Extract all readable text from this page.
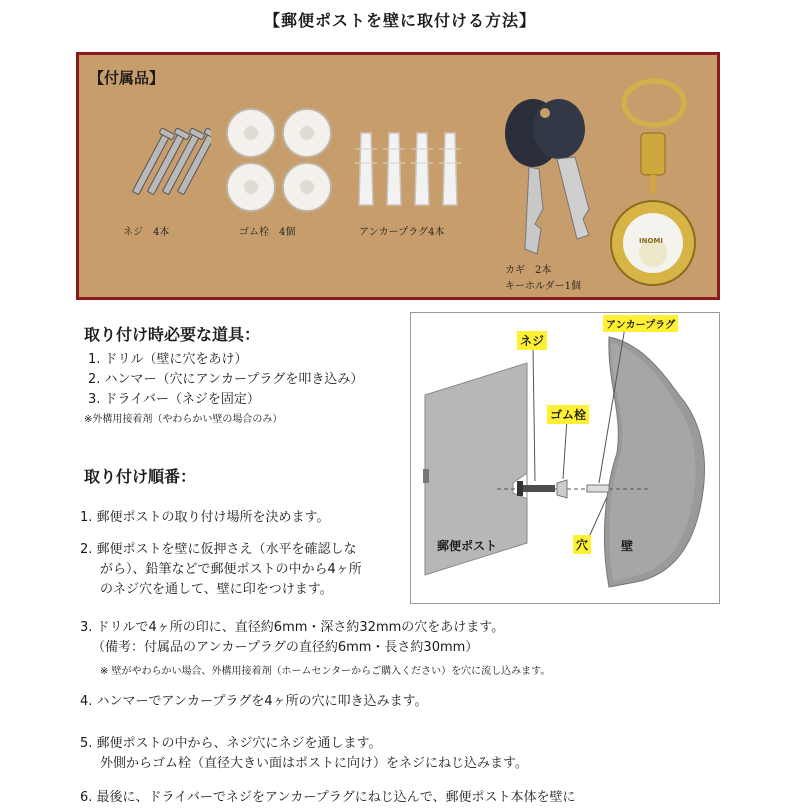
【郵便ポストを壁に取付ける方法】
【付属品】
ネジ　4本	ゴム栓　4個	アンカープラグ4本
カギ　2本
キーホルダー1個
INOMI
取り付け時必要な道具：
1. ドリル（壁に穴をあけ）
2. ハンマー（穴にアンカープラグを叩き込み）
3. ドライバー（ネジを固定）
※外構用接着剤（やわらかい壁の場合のみ）
ネジ
ゴム栓
アンカープラグ
穴
郵便ポスト	壁
取り付け順番：
1. 郵便ポストの取り付け場所を決めます。
2. 郵便ポストを壁に仮押さえ（水平を確認しな
がら）、鉛筆などで郵便ポストの中から4ヶ所
のネジ穴を通して、壁に印をつけます。
3. ドリルで4ヶ所の印に、直径約6mm・深さ約32mmの穴をあけます。
（備考：付属品のアンカープラグの直径約6mm・長さ約30mm）
※ 壁がやわらかい場合、外構用接着剤（ホームセンターからご購入ください）を穴に流し込みます。
4. ハンマーでアンカープラグを4ヶ所の穴に叩き込みます。
5. 郵便ポストの中から、ネジ穴にネジを通します。
外側からゴム栓（直径大きい面はポストに向け）をネジにねじ込みます。
6. 最後に、ドライバーでネジをアンカープラグにねじ込んで、郵便ポスト本体を壁に
